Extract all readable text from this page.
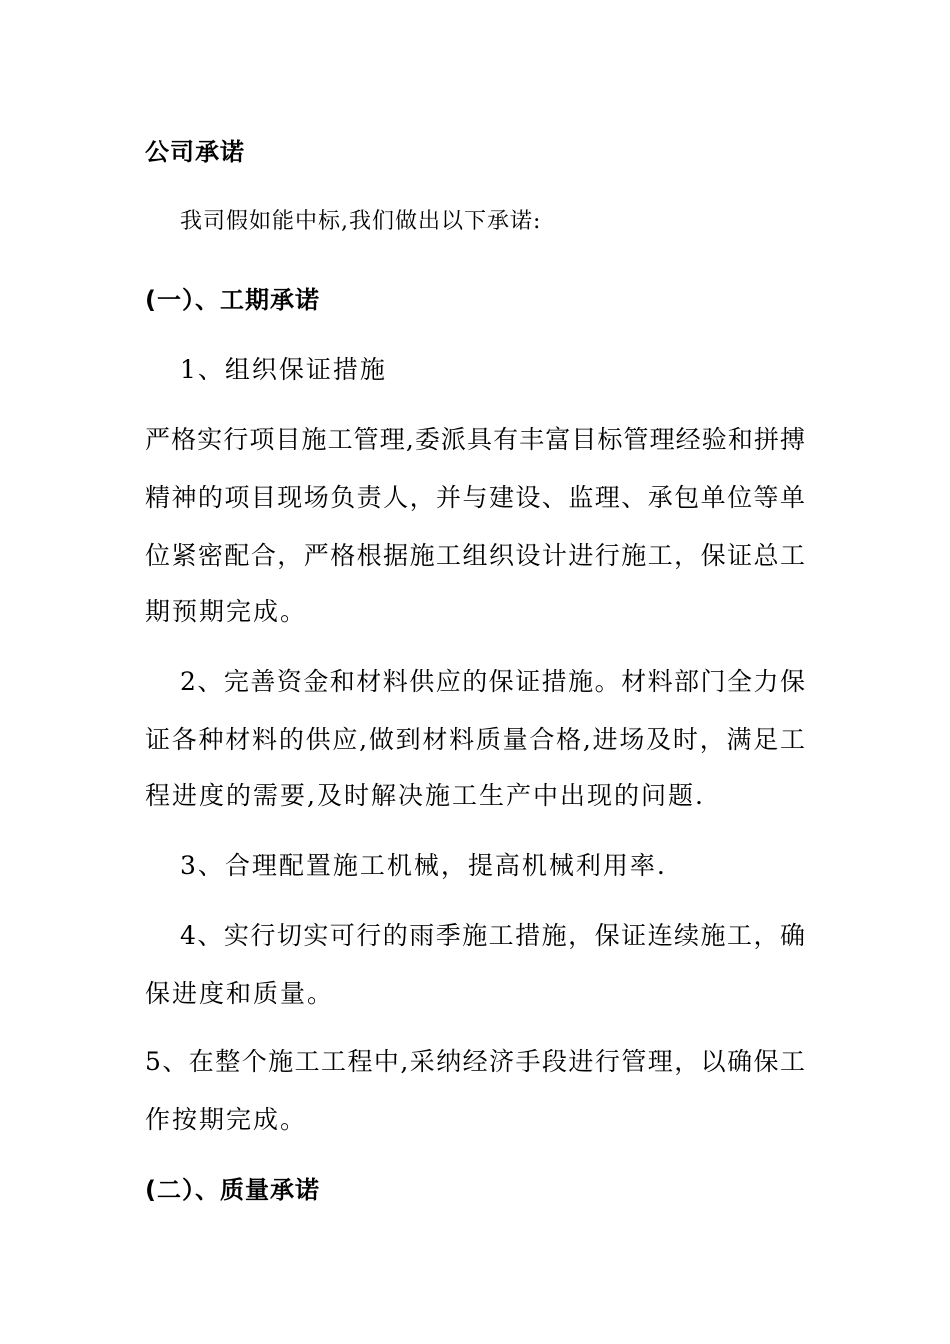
公司承诺
我司假如能中标,我们做出以下承诺:
(一）、工期承诺
1、组织保证措施
严格实行项目施工管理,委派具有丰富目标管理经验和拼搏
精神的项目现场负责人，并与建设、监理、承包单位等单
位紧密配合，严格根据施工组织设计进行施工，保证总工
期预期完成。
2、完善资金和材料供应的保证措施。材料部门全力保
证各种材料的供应,做到材料质量合格,进场及时，满足工
程进度的需要,及时解决施工生产中出现的问题.
3、合理配置施工机械，提高机械利用率.
4、实行切实可行的雨季施工措施，保证连续施工，确
保进度和质量。
5、在整个施工工程中,采纳经济手段进行管理，以确保工
作按期完成。
(二）、质量承诺
